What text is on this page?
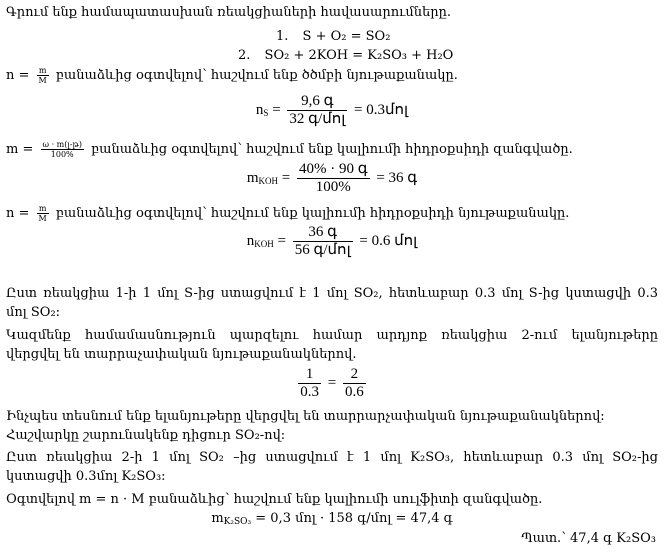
Գրում ենք համապատասխան ռեակցիաների հավասարումները.
1. S + O₂ = SO₂
2. SO₂ + 2KOH = K₂SO₃ + H₂O
$n = \frac{m}{M}$ բանաձևից օգտվելով՝ հաշվում ենք ծծմբի նյութաքանակը.
$n_S = \frac{\text{9,6 գ}}{\text{32 գ/մոլ}}$ = 0.3մոլ
$m = \frac{\text{ω · m(լ-թ)}}{100\%}$ բանաձևից օգտվելով՝ հաշվում ենք կալիումի հիդրօքսիդի զանգվածը.
$m_{KOH} = \frac{\text{40\% · 90 գ}}{100\%} = 36$ գ
$n = \frac{m}{M}$ բանաձևից օգտվելով՝ հաշվում ենք կալիումի հիդրօքսիդի նյութաքանակը.
$n_{KOH} = \frac{\text{36 գ}}{\text{56 գ/մոլ}} = 0.6$ մոլ
Ըստ ռեակցիա 1-ի 1 մոլ S-ից ստացվում է 1 մոլ SO₂, հետևաբար 0.3 մոլ S-ից կստացվի 0.3
մոլ SO₂:
Կազմենք համամասնություն պարզելու համար արդյոք ռեակցիա 2-ում ելանյութերը
վերցվել են տարրաչափական նյութաքանակներով.
$\frac{1}{0.3} = \frac{2}{0.6}$
Ինչպես տեսնում ենք ելանյութերը վերցվել են տարրարչափական նյութաքանակներով:
Հաշվարկը շարունակենք դիցուր SO₂-ով:
Ըստ ռեակցիա 2-ի 1 մոլ SO₂ –ից ստացվում է 1 մոլ K₂SO₃, հետևաբար 0.3 մոլ SO₂-ից
կստացվի 0.3մոլ K₂SO₃:
Օգտվելով m = n · M բանաձևից՝ հաշվում ենք կալիումի սուլֆիտի զանգվածը.
$m_{K_2SO_3} = 0,3$ մոլ · 158 գ/մոլ = 47,4 գ
Պատ.՝ 47,4 գ K₂SO₃
